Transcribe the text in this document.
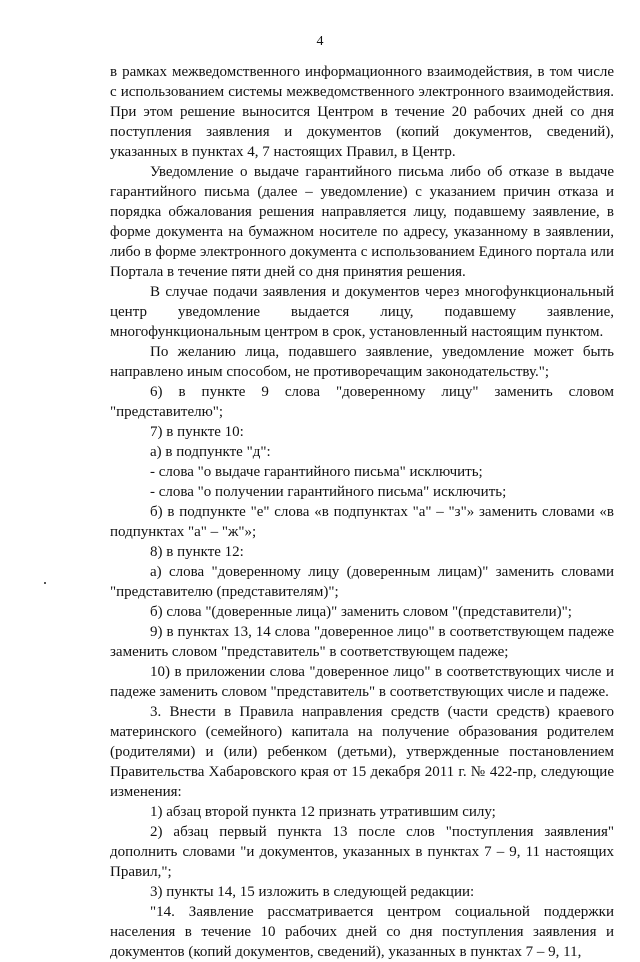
4

в рамках межведомственного информационного взаимодействия, в том числе с использованием системы межведомственного электронного взаимодействия. При этом решение выносится Центром в течение 20 рабочих дней со дня поступления заявления и документов (копий документов, сведений), указанных в пунктах 4, 7 настоящих Правил, в Центр.

Уведомление о выдаче гарантийного письма либо об отказе в выдаче гарантийного письма (далее – уведомление) с указанием причин отказа и порядка обжалования решения направляется лицу, подавшему заявление, в форме документа на бумажном носителе по адресу, указанному в заявлении, либо в форме электронного документа с использованием Единого портала или Портала в течение пяти дней со дня принятия решения.

В случае подачи заявления и документов через многофункциональный центр уведомление выдается лицу, подавшему заявление, многофункциональным центром в срок, установленный настоящим пунктом.

По желанию лица, подавшего заявление, уведомление может быть направлено иным способом, не противоречащим законодательству.";

6) в пункте 9 слова "доверенному лицу" заменить словом "представителю";

7) в пункте 10:

а) в подпункте "д":

- слова "о выдаче гарантийного письма" исключить;

- слова "о получении гарантийного письма" исключить;

б) в подпункте "е" слова «в подпунктах "а" – "з"» заменить словами «в подпунктах "а" – "ж"»;

8) в пункте 12:

а) слова "доверенному лицу (доверенным лицам)" заменить словами "представителю (представителям)";

б) слова "(доверенные лица)" заменить словом "(представители)";

9) в пунктах 13, 14 слова "доверенное лицо" в соответствующем падеже заменить словом "представитель" в соответствующем падеже;

10) в приложении слова "доверенное лицо" в соответствующих числе и падеже заменить словом "представитель" в соответствующих числе и падеже.

3. Внести в Правила направления средств (части средств) краевого материнского (семейного) капитала на получение образования родителем (родителями) и (или) ребенком (детьми), утвержденные постановлением Правительства Хабаровского края от 15 декабря 2011 г. № 422-пр, следующие изменения:

1) абзац второй пункта 12 признать утратившим силу;

2) абзац первый пункта 13 после слов "поступления заявления" дополнить словами "и документов, указанных в пунктах 7 – 9, 11 настоящих Правил,";

3) пункты 14, 15 изложить в следующей редакции:

"14. Заявление рассматривается центром социальной поддержки населения в течение 10 рабочих дней со дня поступления заявления и документов (копий документов, сведений), указанных в пунктах 7 – 9, 11,
